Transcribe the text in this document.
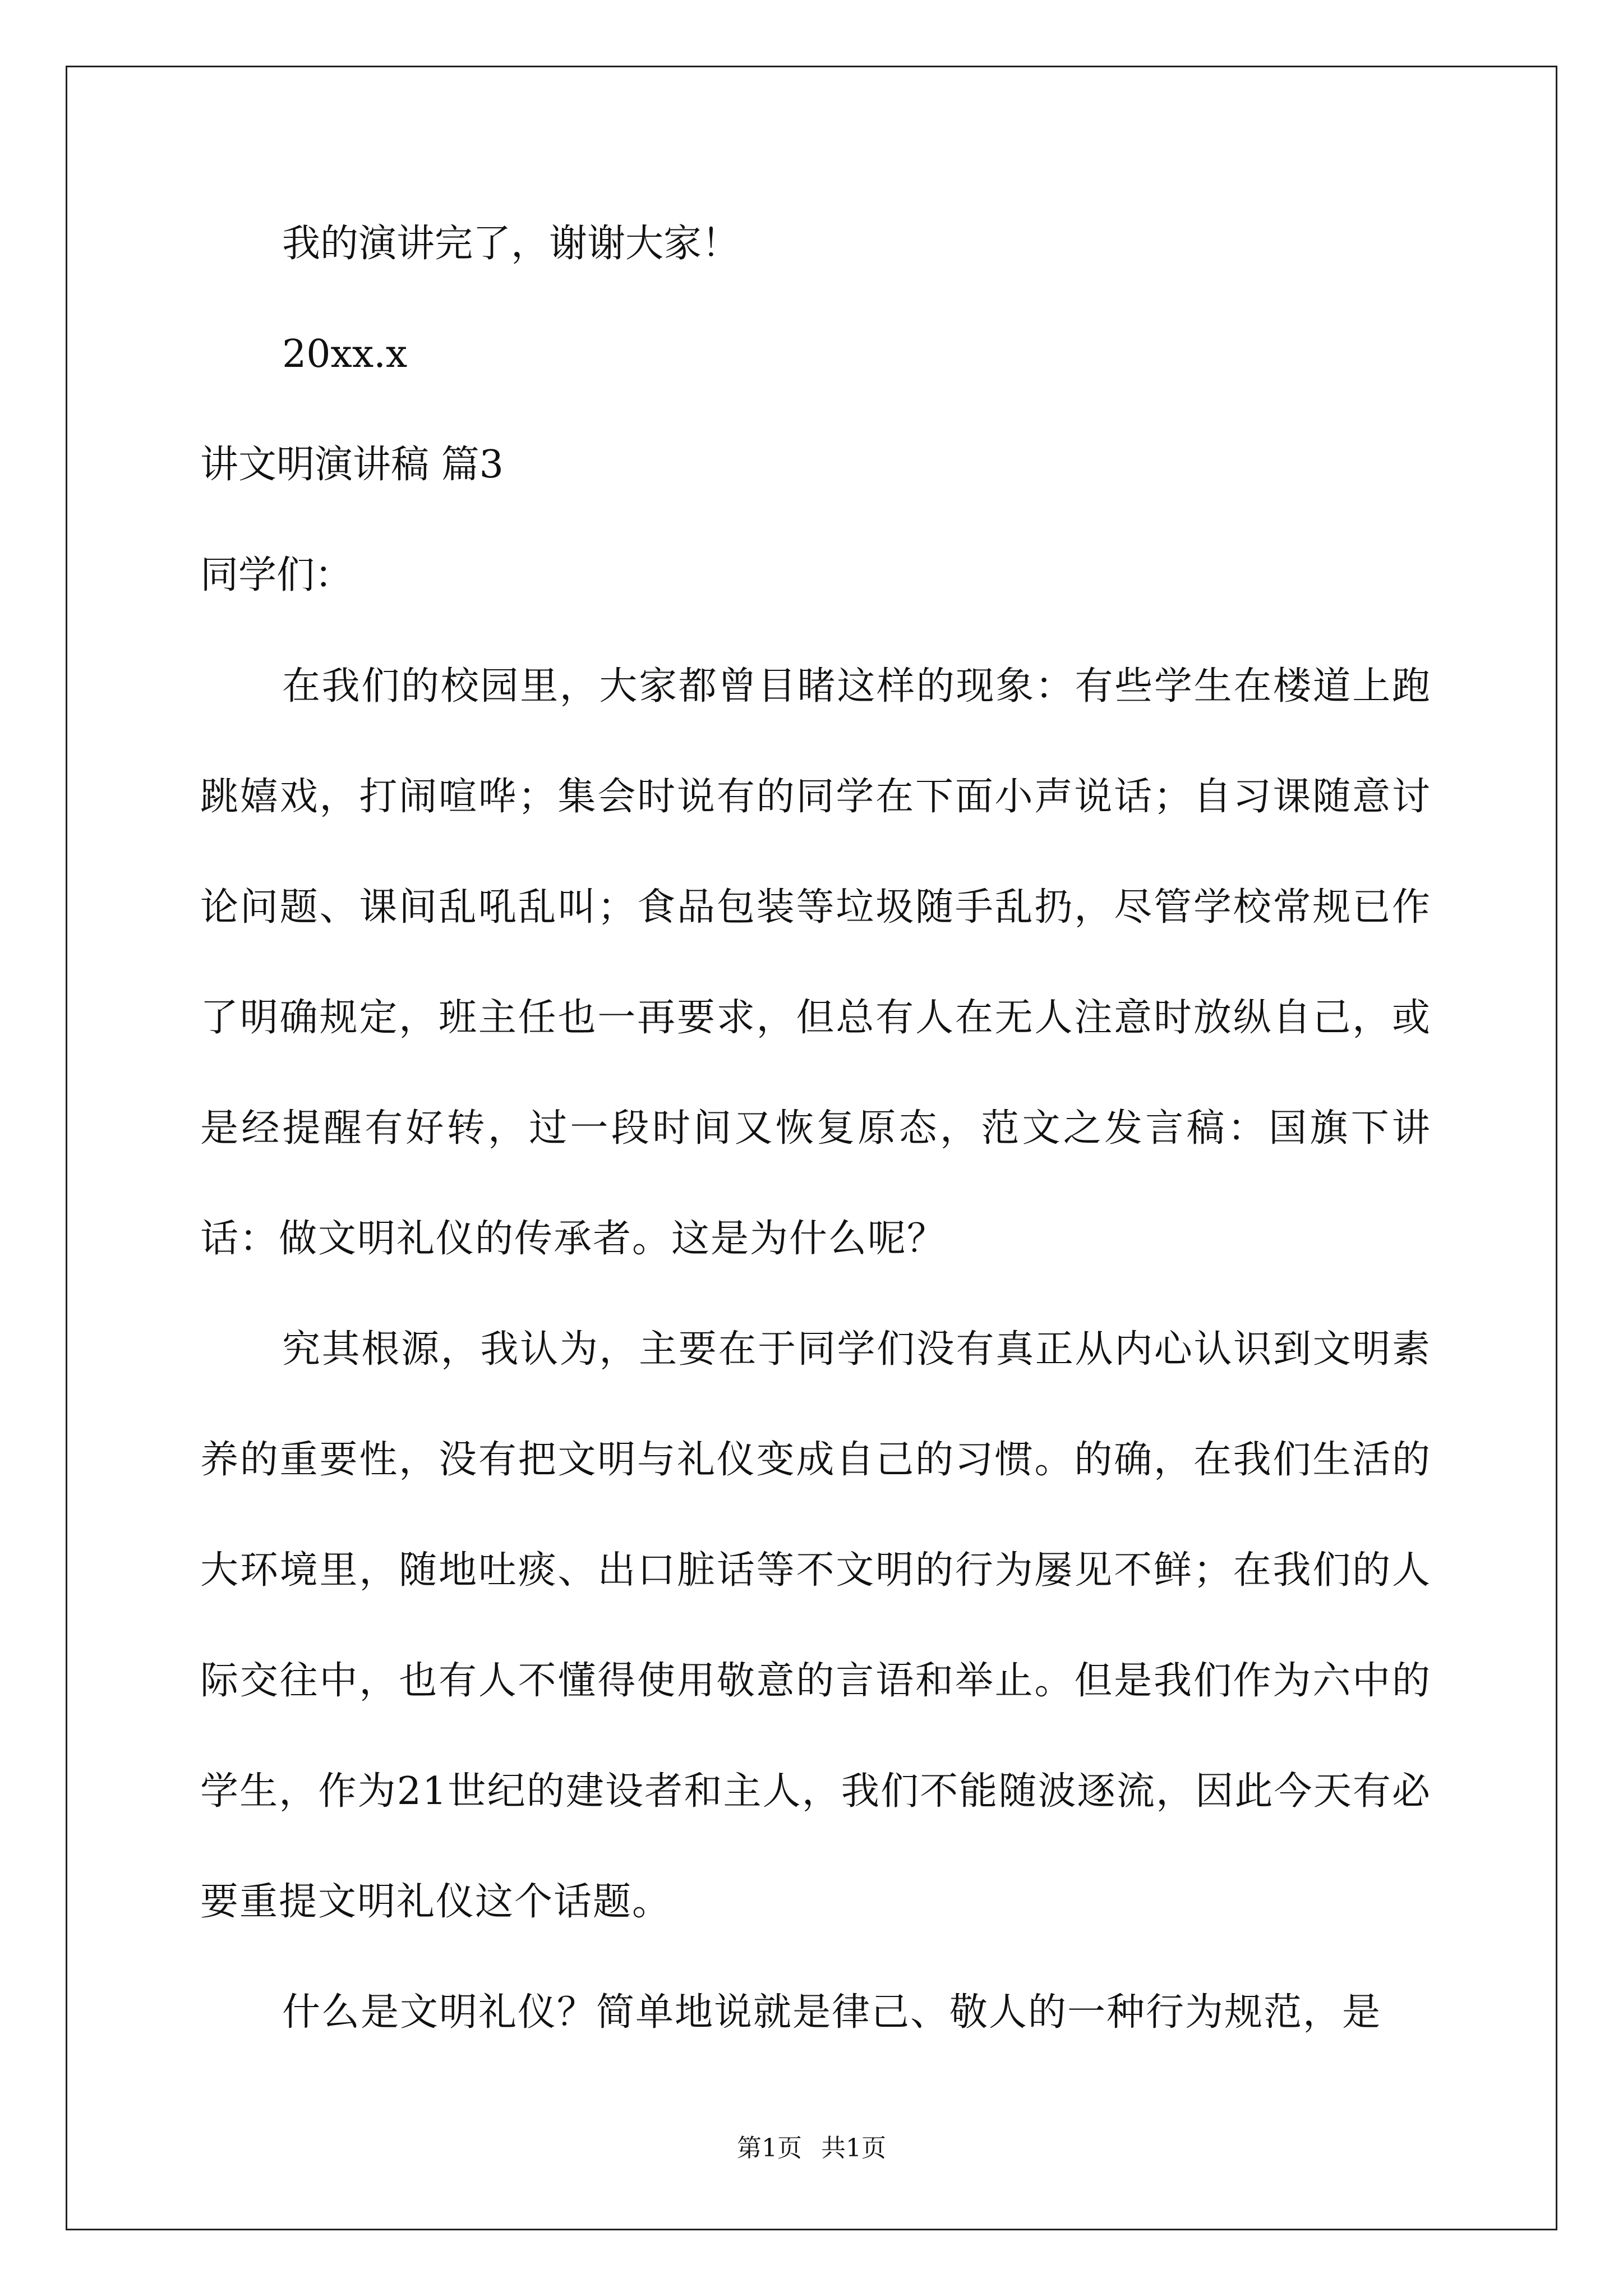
我的演讲完了，谢谢大家！

20xx.x

讲文明演讲稿 篇3

同学们：

在我们的校园里，大家都曾目睹这样的现象：有些学生在楼道上跑跳嬉戏，打闹喧哗；集会时说有的同学在下面小声说话；自习课随意讨论问题、课间乱吼乱叫；食品包装等垃圾随手乱扔，尽管学校常规已作了明确规定，班主任也一再要求，但总有人在无人注意时放纵自己，或是经提醒有好转，过一段时间又恢复原态，范文之发言稿：国旗下讲话：做文明礼仪的传承者。这是为什么呢？

究其根源，我认为，主要在于同学们没有真正从内心认识到文明素养的重要性，没有把文明与礼仪变成自己的习惯。的确，在我们生活的大环境里，随地吐痰、出口脏话等不文明的行为屡见不鲜；在我们的人际交往中，也有人不懂得使用敬意的言语和举止。但是我们作为六中的学生，作为21世纪的建设者和主人，我们不能随波逐流，因此今天有必要重提文明礼仪这个话题。

什么是文明礼仪？简单地说就是律己、敬人的一种行为规范，是

第1页 共1页
